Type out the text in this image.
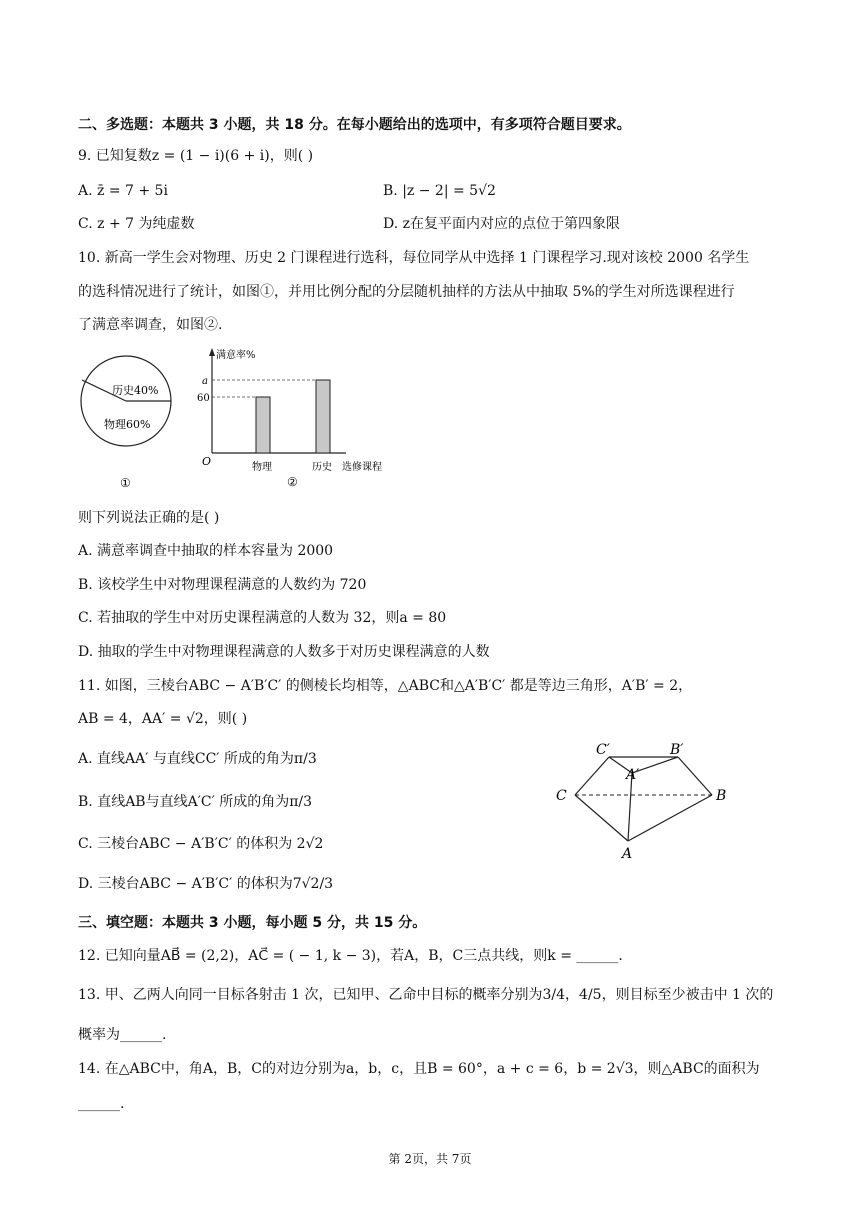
二、多选题：本题共 3 小题，共 18 分。在每小题给出的选项中，有多项符合题目要求。
9. 已知复数z = (1 − i)(6 + i)，则( )
A. z̄ = 7 + 5i	B. |z − 2| = 5√2
C. z + 7 为纯虚数	D. z在复平面内对应的点位于第四象限
10. 新高一学生会对物理、历史 2 门课程进行选科，每位同学从中选择 1 门课程学习.现对该校 2000 名学生
的选科情况进行了统计，如图①，并用比例分配的分层随机抽样的方法从中抽取 5%的学生对所选课程进行
了满意率调查，如图②.
历史40%
物理60%
①
满意率%
a
60
O	物理	历史 选修课程
②
则下列说法正确的是( )
A. 满意率调查中抽取的样本容量为 2000
B. 该校学生中对物理课程满意的人数约为 720
C. 若抽取的学生中对历史课程满意的人数为 32，则a = 80
D. 抽取的学生中对物理课程满意的人数多于对历史课程满意的人数
11. 如图，三棱台ABC − A′B′C′ 的侧棱长均相等，△ABC和△A′B′C′ 都是等边三角形，A′B′ = 2，
AB = 4，AA′ = √2，则( )
A. 直线AA′ 与直线CC′ 所成的角为π/3
B. 直线AB与直线A′C′ 所成的角为π/3
C. 三棱台ABC − A′B′C′ 的体积为 2√2
D. 三棱台ABC − A′B′C′ 的体积为7√2/3
C′	B′
A′
C	B
A
三、填空题：本题共 3 小题，每小题 5 分，共 15 分。
12. 已知向量AB⃗ = (2,2)，AC⃗ = ( − 1, k − 3)，若A，B，C三点共线，则k = ______.
13. 甲、乙两人向同一目标各射击 1 次，已知甲、乙命中目标的概率分别为3/4，4/5，则目标至少被击中 1 次的
概率为______.
14. 在△ABC中，角A，B，C的对边分别为a，b，c，且B = 60°，a + c = 6，b = 2√3，则△ABC的面积为
______.
第 2页，共 7页
